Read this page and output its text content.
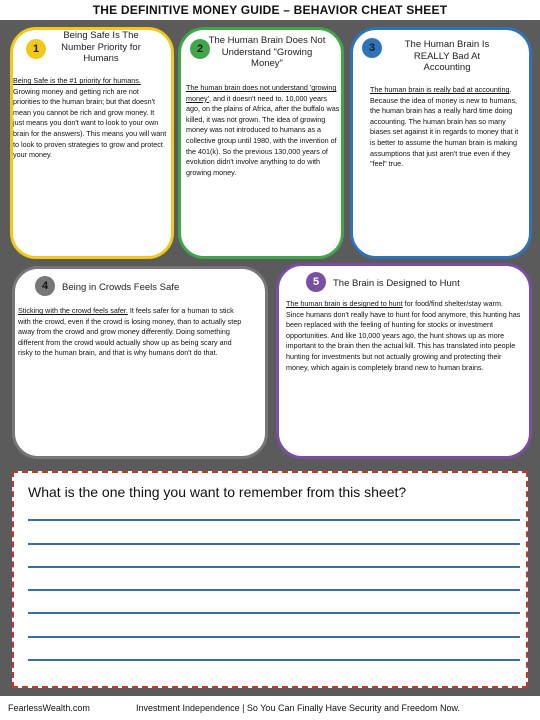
THE DEFINITIVE MONEY GUIDE – BEHAVIOR CHEAT SHEET
1
Being Safe Is The Number Priority for Humans
Being Safe is the #1 priority for humans. Growing money and getting rich are not priorities to the human brain; but that doesn't mean you cannot be rich and grow money. It just means you don't want to look to your own brain for the answers). This means you will want to look to proven strategies to grow and protect your money.
2
The Human Brain Does Not Understand "Growing Money"
The human brain does not understand 'growing money', and it doesn't need to. 10,000 years ago, on the plains of Africa, after the buffalo was killed, it was not grown. The idea of growing money was not introduced to humans as a collective group until 1980, with the invention of the 401(k). So the previous 130,000 years of evolution didn't involve anything to do with growing money.
3	The Human Brain Is REALLY Bad At Accounting
The human brain is really bad at accounting. Because the idea of money is new to humans, the human brain has a really hard time doing accounting. The human brain has so many biases set against it in regards to money that it is better to assume the human brain is making assumptions that just aren't true even if they "feel" true.
4	Being in Crowds Feels Safe
Sticking with the crowd feels safer. It feels safer for a human to stick with the crowd, even if the crowd is losing money, than to actually step away from the crowd and grow money differently. Doing something different from the crowd would actually show up as being scary and risky to the human brain, and that is why humans don't do that.
5	The Brain is Designed to Hunt
The human brain is designed to hunt for food/find shelter/stay warm. Since humans don't really have to hunt for food anymore, this hunting has been replaced with the feeling of hunting for stocks or investment opportunities. And like 10,000 years ago, the hunt shows up as more important to the brain then the actual kill. This has translated into people hunting for investments but not actually growing and protecting their money, which again is completely brand new to human brains.
What is the one thing you want to remember from this sheet?
FearlessWealth.com	Investment Independence | So You Can Finally Have Security and Freedom Now.
